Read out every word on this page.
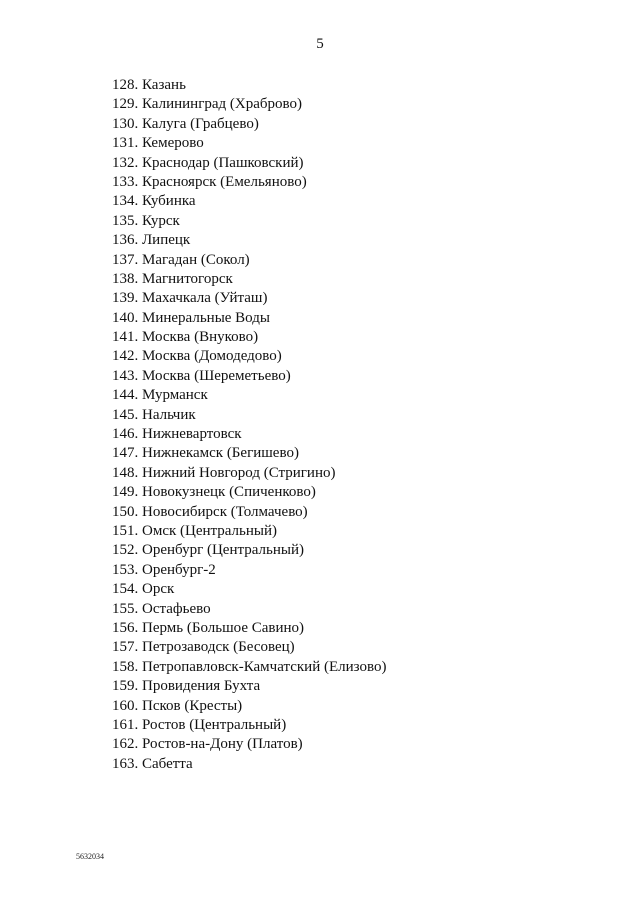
5
128. Казань
129. Калининград (Храброво)
130. Калуга (Грабцево)
131. Кемерово
132. Краснодар (Пашковский)
133. Красноярск (Емельяново)
134. Кубинка
135. Курск
136. Липецк
137. Магадан (Сокол)
138. Магнитогорск
139. Махачкала (Уйташ)
140. Минеральные Воды
141. Москва (Внуково)
142. Москва (Домодедово)
143. Москва (Шереметьево)
144. Мурманск
145. Нальчик
146. Нижневартовск
147. Нижнекамск (Бегишево)
148. Нижний Новгород (Стригино)
149. Новокузнецк (Спиченково)
150. Новосибирск (Толмачево)
151. Омск (Центральный)
152. Оренбург (Центральный)
153. Оренбург-2
154. Орск
155. Остафьево
156. Пермь (Большое Савино)
157. Петрозаводск (Бесовец)
158. Петропавловск-Камчатский (Елизово)
159. Провидения Бухта
160. Псков (Кресты)
161. Ростов (Центральный)
162. Ростов-на-Дону (Платов)
163. Сабетта
5632034
